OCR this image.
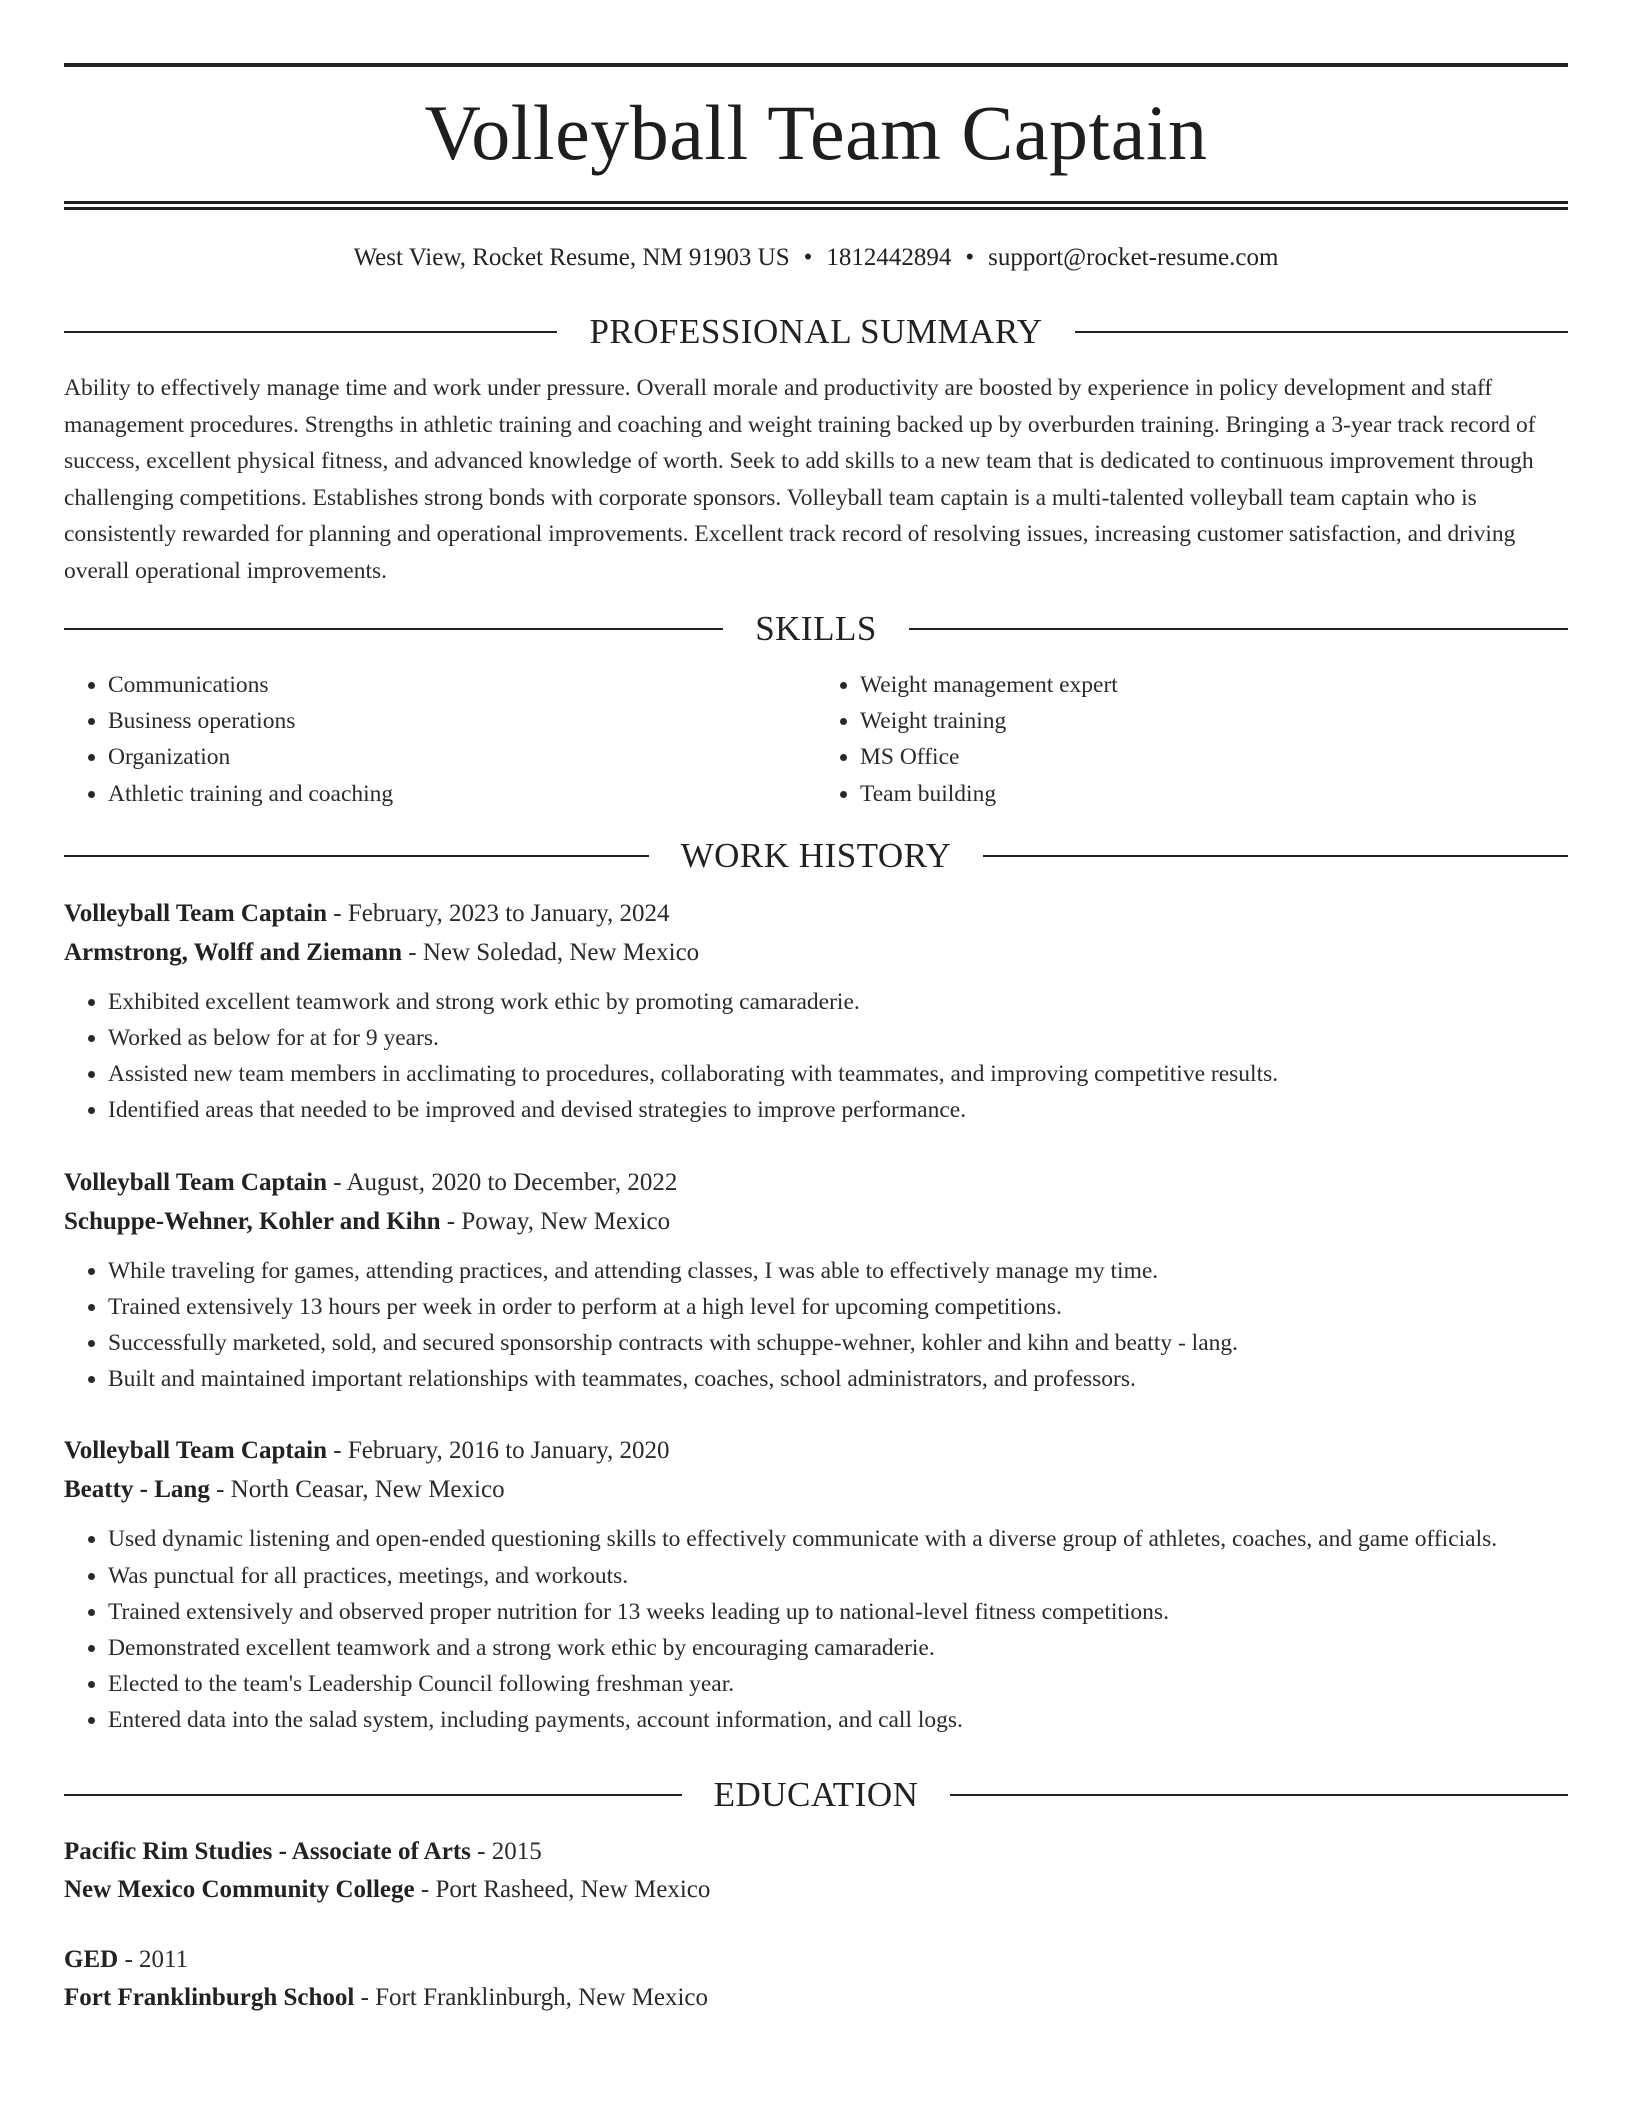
Volleyball Team Captain
West View, Rocket Resume, NM 91903 US • 1812442894 • support@rocket-resume.com
PROFESSIONAL SUMMARY

Ability to effectively manage time and work under pressure. Overall morale and productivity are boosted by experience in policy development and staff management procedures. Strengths in athletic training and coaching and weight training backed up by overburden training. Bringing a 3-year track record of success, excellent physical fitness, and advanced knowledge of worth. Seek to add skills to a new team that is dedicated to continuous improvement through challenging competitions. Establishes strong bonds with corporate sponsors. Volleyball team captain is a multi-talented volleyball team captain who is consistently rewarded for planning and operational improvements. Excellent track record of resolving issues, increasing customer satisfaction, and driving overall operational improvements.

SKILLS
• Communications
• Business operations
• Organization
• Athletic training and coaching
• Weight management expert
• Weight training
• MS Office
• Team building
WORK HISTORY
Volleyball Team Captain - February, 2023 to January, 2024
Armstrong, Wolff and Ziemann - New Soledad, New Mexico
• Exhibited excellent teamwork and strong work ethic by promoting camaraderie.
• Worked as below for at for 9 years.
• Assisted new team members in acclimating to procedures, collaborating with teammates, and improving competitive results.
• Identified areas that needed to be improved and devised strategies to improve performance.
Volleyball Team Captain - August, 2020 to December, 2022
Schuppe-Wehner, Kohler and Kihn - Poway, New Mexico
• While traveling for games, attending practices, and attending classes, I was able to effectively manage my time.
• Trained extensively 13 hours per week in order to perform at a high level for upcoming competitions.
• Successfully marketed, sold, and secured sponsorship contracts with schuppe-wehner, kohler and kihn and beatty - lang.
• Built and maintained important relationships with teammates, coaches, school administrators, and professors.
Volleyball Team Captain - February, 2016 to January, 2020
Beatty - Lang - North Ceasar, New Mexico
• Used dynamic listening and open-ended questioning skills to effectively communicate with a diverse group of athletes, coaches, and game officials.
• Was punctual for all practices, meetings, and workouts.
• Trained extensively and observed proper nutrition for 13 weeks leading up to national-level fitness competitions.
• Demonstrated excellent teamwork and a strong work ethic by encouraging camaraderie.
• Elected to the team's Leadership Council following freshman year.
• Entered data into the salad system, including payments, account information, and call logs.
EDUCATION
Pacific Rim Studies - Associate of Arts - 2015
New Mexico Community College - Port Rasheed, New Mexico
GED - 2011
Fort Franklinburgh School - Fort Franklinburgh, New Mexico
